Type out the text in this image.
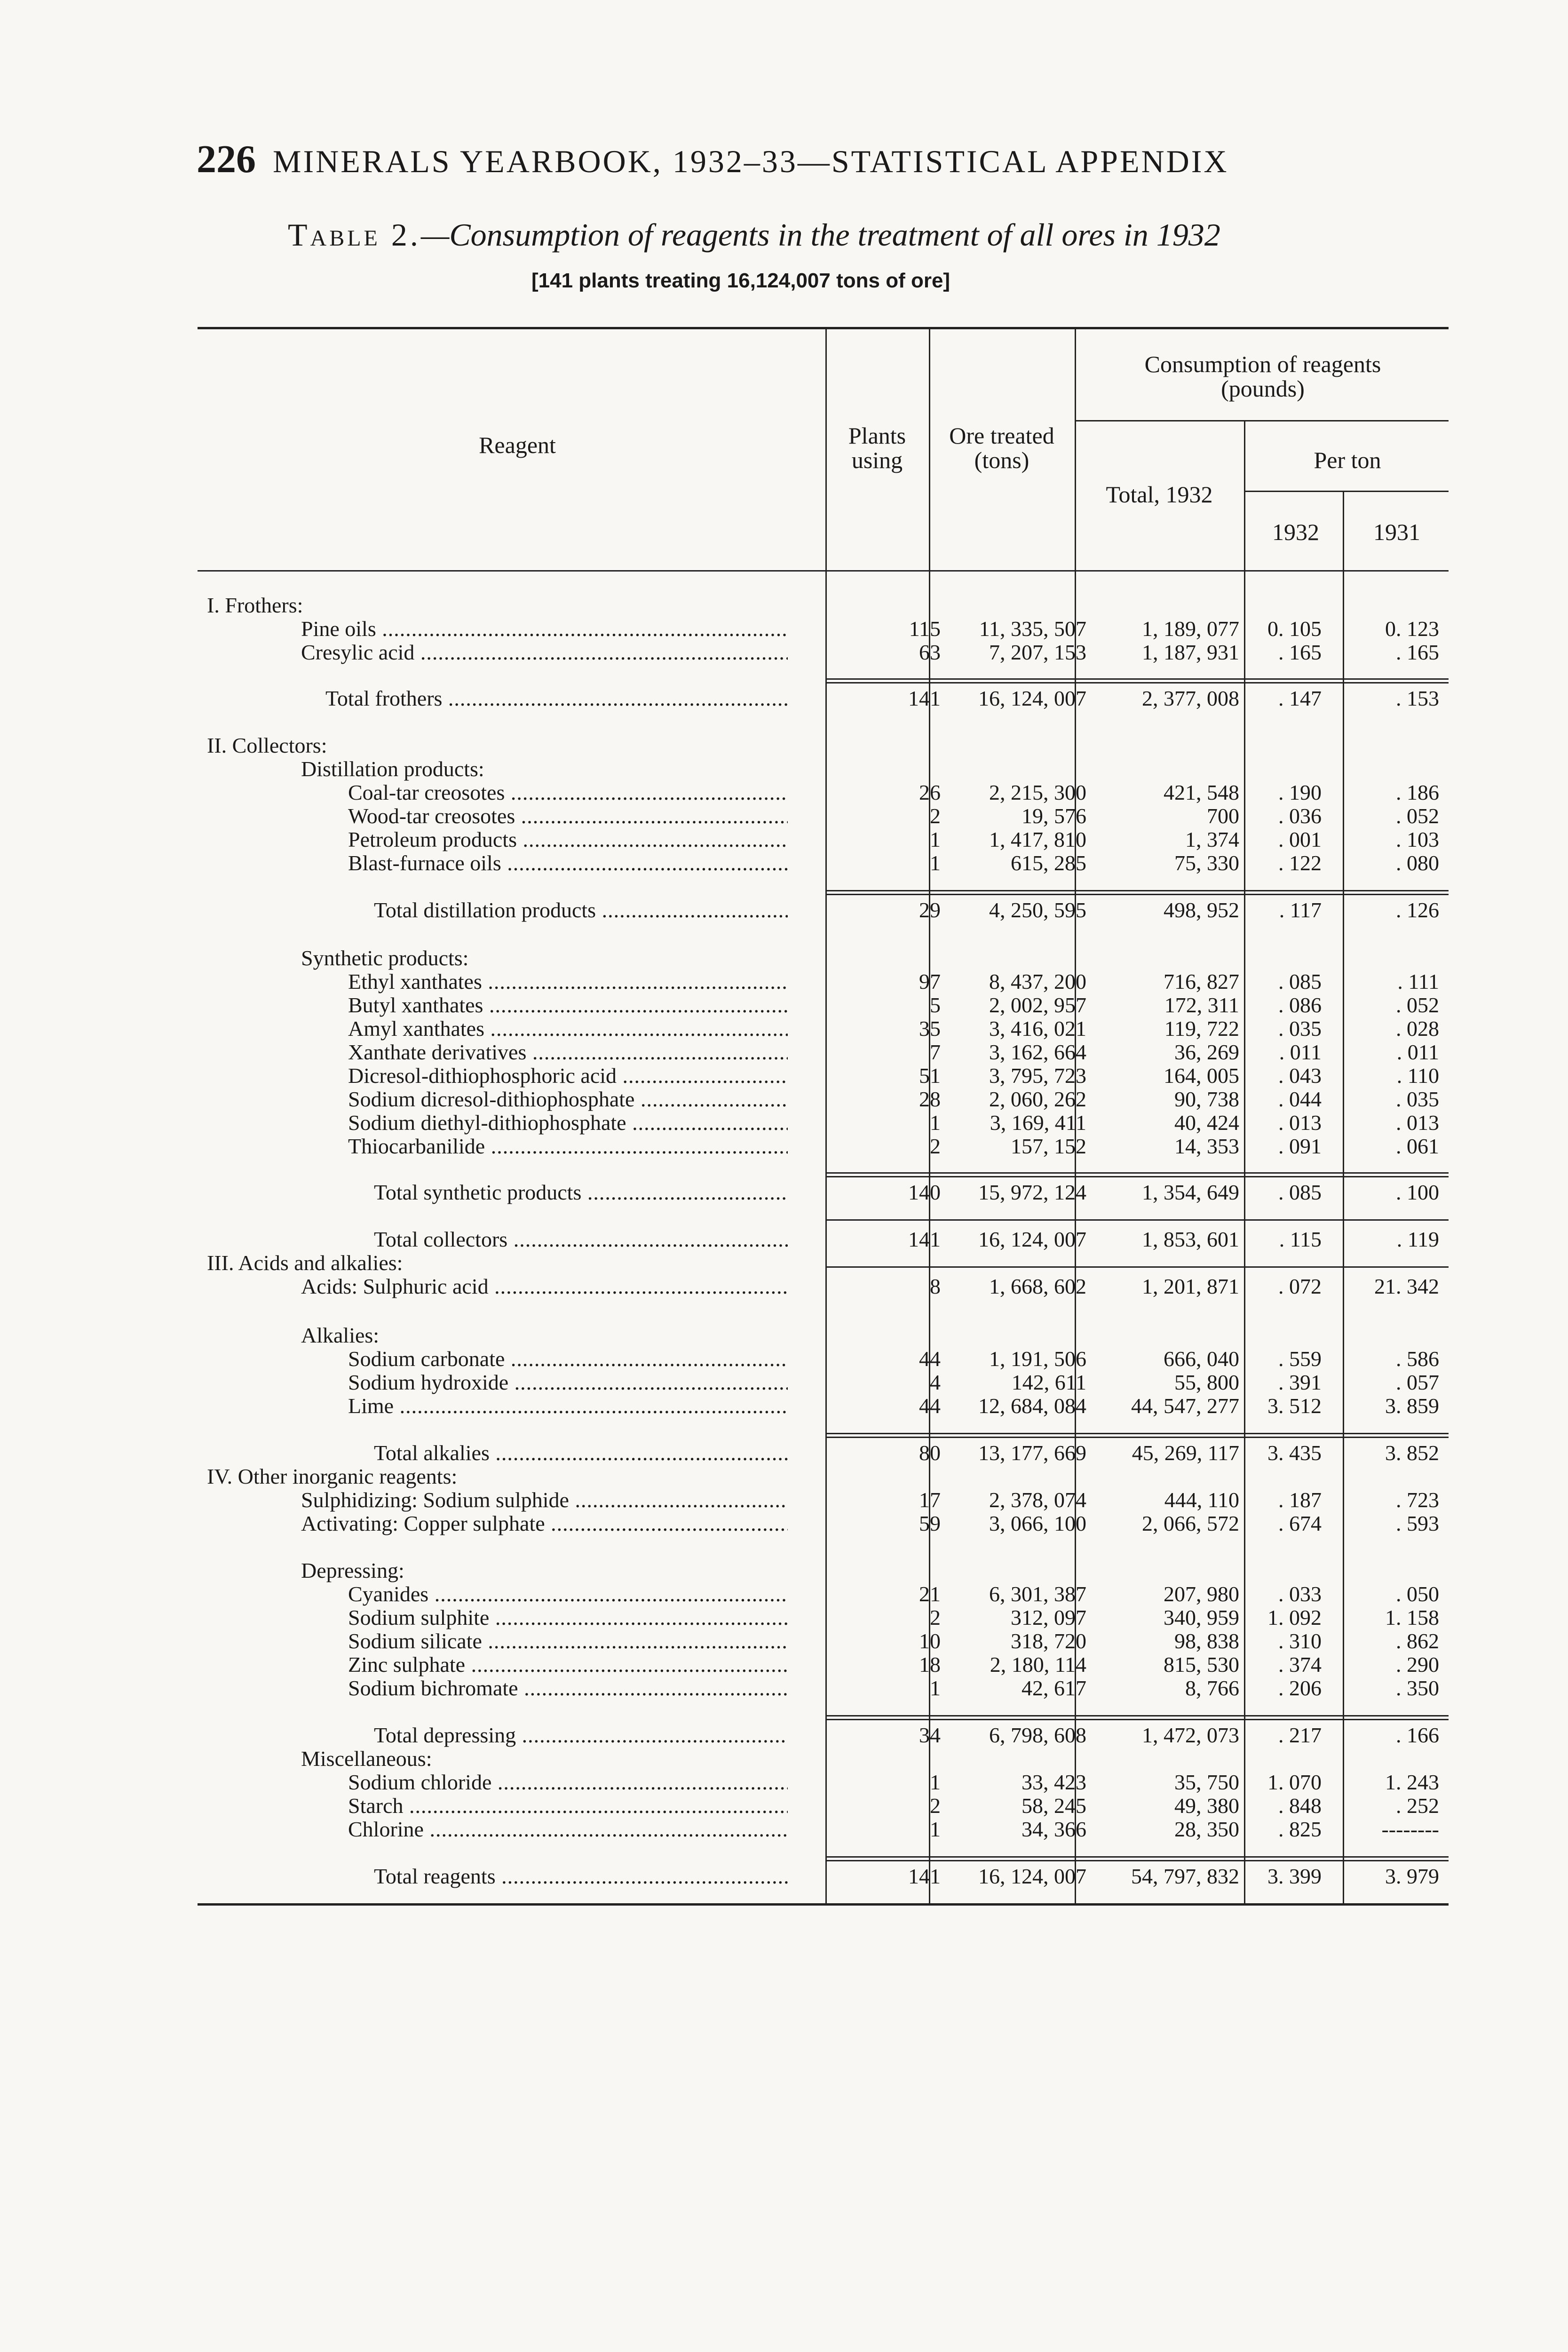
226 MINERALS YEARBOOK, 1932–33—STATISTICAL APPENDIX
Table 2.—Consumption of reagents in the treatment of all ores in 1932
[141 plants treating 16,124,007 tons of ore]
Reagent	Plants using
Ore treated (tons)
Consumption of reagents (pounds)
Total, 1932
Per ton
1932	1931
I. Frothers:
Pine oils .....	115	11, 335, 507	1, 189, 077	0. 105	0. 123
Cresylic acid .....	63	7, 207, 153	1, 187, 931	. 165	. 165
Total frothers .....	141	16, 124, 007	2, 377, 008	. 147	. 153
II. Collectors:
Distillation products:
Coal-tar creosotes .....	26	2, 215, 300	421, 548	. 190	. 186
Wood-tar creosotes .....	2	19, 576	700	. 036	. 052
Petroleum products .....	1	1, 417, 810	1, 374	. 001	. 103
Blast-furnace oils .....	1	615, 285	75, 330	. 122	. 080
Total distillation products .....	29	4, 250, 595	498, 952	. 117	. 126
Synthetic products:
Ethyl xanthates .....	97	8, 437, 200	716, 827	. 085	. 111
Butyl xanthates .....	5	2, 002, 957	172, 311	. 086	. 052
Amyl xanthates .....	35	3, 416, 021	119, 722	. 035	. 028
Xanthate derivatives .....	7	3, 162, 664	36, 269	. 011	. 011
Dicresol-dithiophosphoric acid .....	51	3, 795, 723	164, 005	. 043	. 110
Sodium dicresol-dithiophosphate .....	28	2, 060, 262	90, 738	. 044	. 035
Sodium diethyl-dithiophosphate .....	1	3, 169, 411	40, 424	. 013	. 013
Thiocarbanilide .....	2	157, 152	14, 353	. 091	. 061
Total synthetic products .....	140	15, 972, 124	1, 354, 649	. 085	. 100
Total collectors .....	141	16, 124, 007	1, 853, 601	. 115	. 119
III. Acids and alkalies:
Acids: Sulphuric acid .....	8	1, 668, 602	1, 201, 871	. 072	21. 342
Alkalies:
Sodium carbonate .....	44	1, 191, 506	666, 040	. 559	. 586
Sodium hydroxide .....	4	142, 611	55, 800	. 391	. 057
Lime .....	44	12, 684, 084	44, 547, 277	3. 512	3. 859
Total alkalies .....	80	13, 177, 669	45, 269, 117	3. 435	3. 852
IV. Other inorganic reagents:
Sulphidizing: Sodium sulphide .....	17	2, 378, 074	444, 110	. 187	. 723
Activating: Copper sulphate .....	59	3, 066, 100	2, 066, 572	. 674	. 593
Depressing:
Cyanides .....	21	6, 301, 387	207, 980	. 033	. 050
Sodium sulphite .....	2	312, 097	340, 959	1. 092	1. 158
Sodium silicate .....	10	318, 720	98, 838	. 310	. 862
Zinc sulphate .....	18	2, 180, 114	815, 530	. 374	. 290
Sodium bichromate .....	1	42, 617	8, 766	. 206	. 350
Total depressing .....	34	6, 798, 608	1, 472, 073	. 217	. 166
Miscellaneous:
Sodium chloride .....	1	33, 423	35, 750	1. 070	1. 243
Starch .....	2	58, 245	49, 380	. 848	. 252
Chlorine .....	1	34, 366	28, 350	. 825	--------
Total reagents .....	141	16, 124, 007	54, 797, 832	3. 399	3. 979
